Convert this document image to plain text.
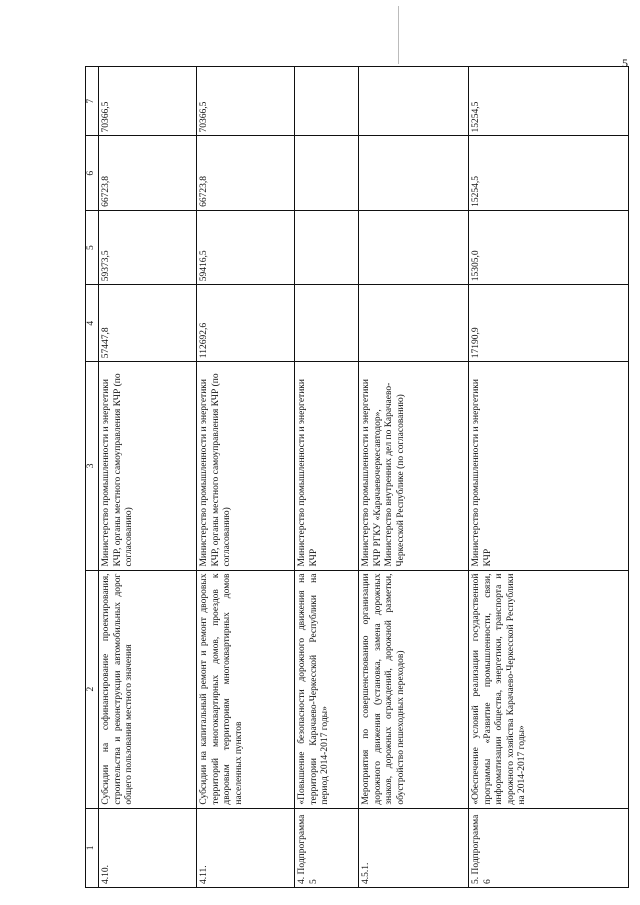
5
1	2	3	4	5	6	7
4.10.	Субсидии на софинансирование проектирования, строительства и реконструкции автомобильных дорог общего пользования местного значения	Министерство промышленности и энергетики КЧР, органы местного самоуправления КЧР (по согласованию)	57447,8	59373,5	66723,8	70366,5
4.11.	Субсидии на капитальный ремонт и ремонт дворовых территорий многоквартирных домов, проездов к дворовым территориям многоквартирных домов населенных пунктов	Министерство промышленности и энергетики КЧР, органы местного самоуправления КЧР (по согласованию)	112692,6	59416,5	66723,8	70366,5
4. Подпрограмма 5	«Повышение безопасности дорожного движения на территории Карачаево-Черкесской Республики на период 2014-2017 годы»	Министерство промышленности и энергетики КЧР				
4.5.1.	Мероприятия по совершенствованию организации дорожного движения (установка, замена дорожных знаков, дорожных ограждений, дорожной разметки, обустройство пешеходных переходов)	Министерство промышленности и энергетики КЧР РГКУ «Карачаевочеркесавтодор», Министерство внутренних дел по Карачаево-Черкесской Республике (по согласованию)				
5. Подпрограмма 6	«Обеспечение условий реализации государственной программы «Развитие промышленности, связи, информатизации общества, энергетики, транспорта и дорожного хозяйства Карачаево-Черкесской Республики на 2014-2017 годы»	Министерство промышленности и энергетики КЧР	17190,9	15305,0	15254,5	15254,5
